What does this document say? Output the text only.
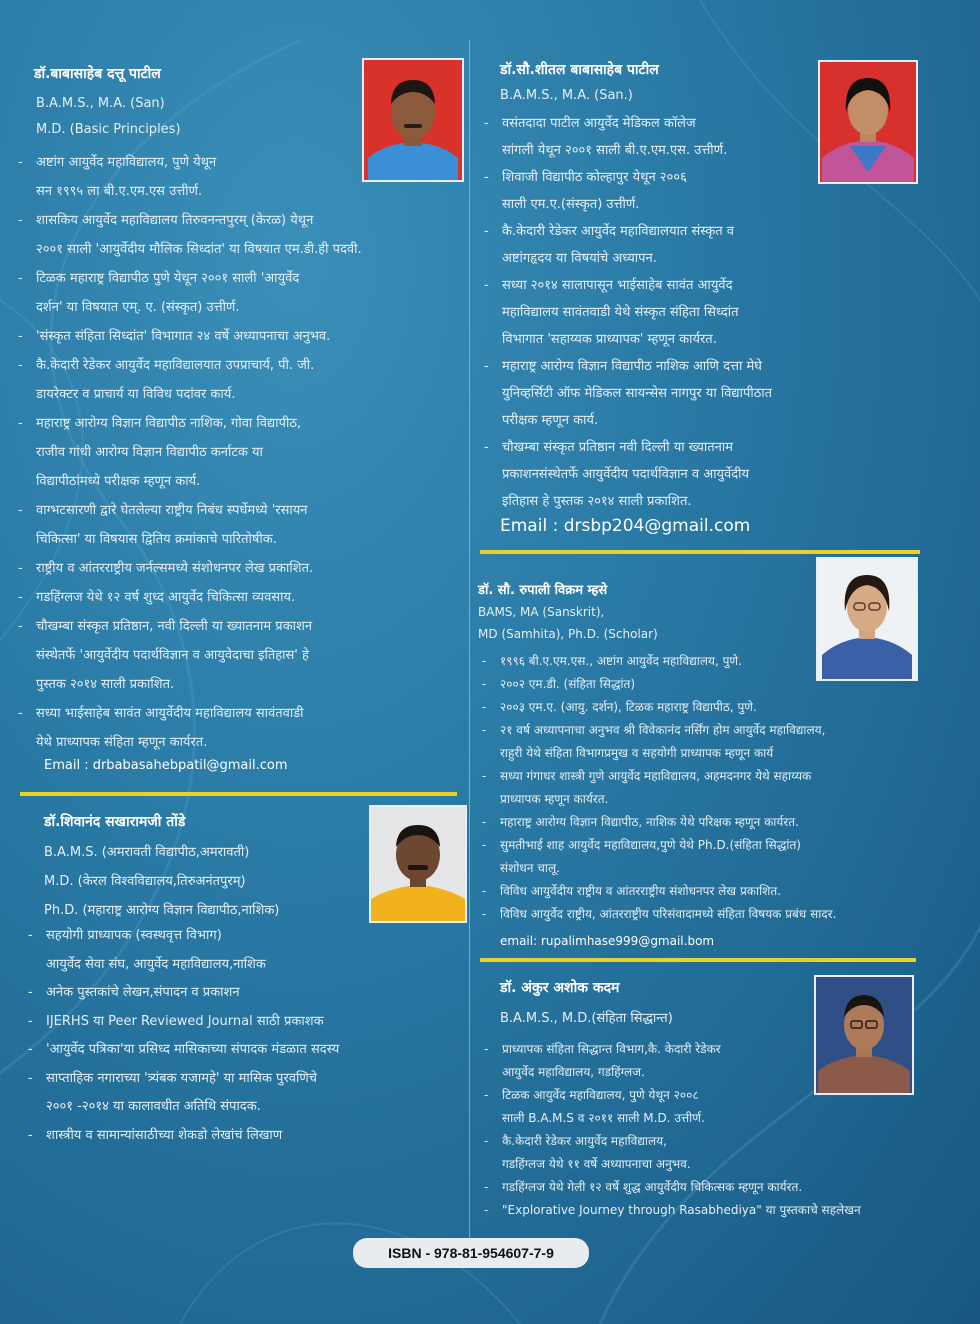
डॉ.बाबासाहेब दत्तू पाटील
B.A.M.S., M.A. (San)
M.D. (Basic Principles)
- अष्टांग आयुर्वेद महाविद्यालय, पुणे येथून
सन १९९५ ला बी.ए.एम.एस उत्तीर्ण.
- शासकिय आयुर्वेद महाविद्यालय तिरुवनन्तपुरम् (केरळ) येथून
२००१ साली 'आयुर्वेदीय मौलिक सिध्दांत' या विषयात एम.डी.ही पदवी.
- टिळक महाराष्ट्र विद्यापीठ पुणे येथून २००१ साली 'आयुर्वेद
दर्शन' या विषयात एम्. ए. (संस्कृत) उत्तीर्ण.
- 'संस्कृत संहिता सिध्दांत' विभागात २४ वर्षे अध्यापनाचा अनुभव.
- कै.केदारी रेडेकर आयुर्वेद महाविद्यालयात उपप्राचार्य, पी. जी.
डायरेक्टर व प्राचार्य या विविध पदांवर कार्य.
- महाराष्ट्र आरोग्य विज्ञान विद्यापीठ नाशिक, गोवा विद्यापीठ,
राजीव गांधी आरोग्य विज्ञान विद्यापीठ कर्नाटक या
विद्यापीठांमध्ये परीक्षक म्हणून कार्य.
- वाग्भटसारणी द्वारे घेतलेल्या राष्ट्रीय निबंध स्पर्धेमध्ये 'रसायन
चिकित्सा' या विषयास द्वितिय क्रमांकाचे पारितोषीक.
- राष्ट्रीय व आंतरराष्ट्रीय जर्नल्समध्ये संशोधनपर लेख प्रकाशित.
- गडहिंग्लज येथे १२ वर्ष शुध्द आयुर्वेद चिकित्सा व्यवसाय.
- चौखम्बा संस्कृत प्रतिष्ठान, नवी दिल्ली या ख्यातनाम प्रकाशन
संस्थेतर्फे 'आयुर्वेदीय पदार्थविज्ञान व आयुवेदाचा इतिहास' हे
पुस्तक २०१४ साली प्रकाशित.
- सध्या भाईसाहेब सावंत आयुर्वेदीय महाविद्यालय सावंतवाडी
येथे प्राध्यापक संहिता म्हणून कार्यरत.
Email : drbabasahebpatil@gmail.com
डॉ.शिवानंद सखारामजी तोंडे
B.A.M.S. (अमरावती विद्यापीठ,अमरावती)
M.D. (केरल विश्वविद्यालय,तिरुअनंतपुरम्)
Ph.D. (महाराष्ट्र आरोग्य विज्ञान विद्यापीठ,नाशिक)
- सहयोगी प्राध्यापक (स्वस्थवृत्त विभाग)
आयुर्वेद सेवा संघ, आयुर्वेद महाविद्यालय,नाशिक
- अनेक पुस्तकांचे लेखन,संपादन व प्रकाशन
- IJERHS या Peer Reviewed Journal साठी प्रकाशक
- 'आयुर्वेद पत्रिका'या प्रसिध्द मासिकाच्या संपादक मंडळात सदस्य
- साप्ताहिक नगाराच्या 'त्र्यंबक यजामहे' या मासिक पुरवणिचे
२००१ -२०१४ या कालावधीत अतिथि संपादक.
- शास्त्रीय व सामान्यांसाठीच्या शेकडो लेखांचं लिखाण
डॉ.सौ.शीतल बाबासाहेब पाटील
B.A.M.S., M.A. (San.)
- वसंतदादा पाटील आयुर्वेद मेडिकल कॉलेज
सांगली येथून २००१ साली बी.ए.एम.एस. उत्तीर्ण.
- शिवाजी विद्यापीठ कोल्हापुर येथून २००६
साली एम.ए.(संस्कृत) उत्तीर्ण.
- कै.केदारी रेडेकर आयुर्वेद महाविद्यालयात संस्कृत व
अष्टांगहृदय या विषयांचे अध्यापन.
- सध्या २०१४ सालापासून भाईसाहेब सावंत आयुर्वेद
महाविद्यालय सावंतवाडी येथे संस्कृत संहिता सिध्दांत
विभागात 'सहाय्यक प्राध्यापक' म्हणून कार्यरत.
- महाराष्ट्र आरोग्य विज्ञान विद्यापीठ नाशिक आणि दत्ता मेघे
युनिव्हर्सिटी ऑफ मेडिकल सायन्सेस नागपुर या विद्यापीठात
परीक्षक म्हणून कार्य.
- चौखम्बा संस्कृत प्रतिष्ठान नवी दिल्ली या ख्यातनाम
प्रकाशनसंस्थेतर्फे आयुर्वेदीय पदार्थविज्ञान व आयुर्वेदीय
इतिहास हे पुस्तक २०१४ साली प्रकाशित.
Email : drsbp204@gmail.com
डॉ. सौ. रुपाली विक्रम म्हसे
BAMS, MA (Sanskrit),
MD (Samhita), Ph.D. (Scholar)
- १९९६ बी.ए.एम.एस., अष्टांग आयुर्वेद महाविद्यालय, पुणे.
- २००२ एम.डी. (संहिता सिद्धांत)
- २००३ एम.ए. (आयु. दर्शन), टिळक महाराष्ट्र विद्यापीठ, पुणे.
- २१ वर्ष अध्यापनाचा अनुभव श्री विवेकानंद नर्सिंग होम आयुर्वेद महाविद्यालय,
राहुरी येथे संहिता विभागप्रमुख व सहयोगी प्राध्यापक म्हणून कार्य
- सध्या गंगाधर शास्त्री गुणे आयुर्वेद महाविद्यालय, अहमदनगर येथे सहाय्यक
प्राध्यापक म्हणून कार्यरत.
- महाराष्ट्र आरोग्य विज्ञान विद्यापीठ, नाशिक येथे परिक्षक म्हणून कार्यरत.
- सुमतीभाई शाह आयुर्वेद महाविद्यालय,पुणे येथे Ph.D.(संहिता सिद्धांत)
संशोधन चालू.
- विविध आयुर्वेदीय राष्ट्रीय व आंतरराष्ट्रीय संशोधनपर लेख प्रकाशित.
- विविध आयुर्वेद राष्ट्रीय, आंतरराष्ट्रीय परिसंवादामध्ये संहिता विषयक प्रबंध सादर.
email: rupalimhase999@gmail.bom
डॉ. अंकुर अशोक कदम
B.A.M.S., M.D.(संहिता सिद्धान्त)
- प्राध्यापक संहिता सिद्धान्त विभाग,कै. केदारी रेडेकर
आयुर्वेद महाविद्यालय, गडहिंग्लज.
- टिळक आयुर्वेद महाविद्यालय, पुणे येथून २००८
साली B.A.M.S व २०११ साली M.D. उत्तीर्ण.
- कै.केदारी रेडेकर आयुर्वेद महाविद्यालय,
गडहिंग्लज येथे ११ वर्षे अध्यापनाचा अनुभव.
- गडहिंग्लज येथे गेली १२ वर्षे शुद्ध आयुर्वेदीय चिकित्सक म्हणून कार्यरत.
- "Explorative Journey through Rasabhediya" या पुस्तकाचे सहलेखन
ISBN - 978-81-954607-7-9
